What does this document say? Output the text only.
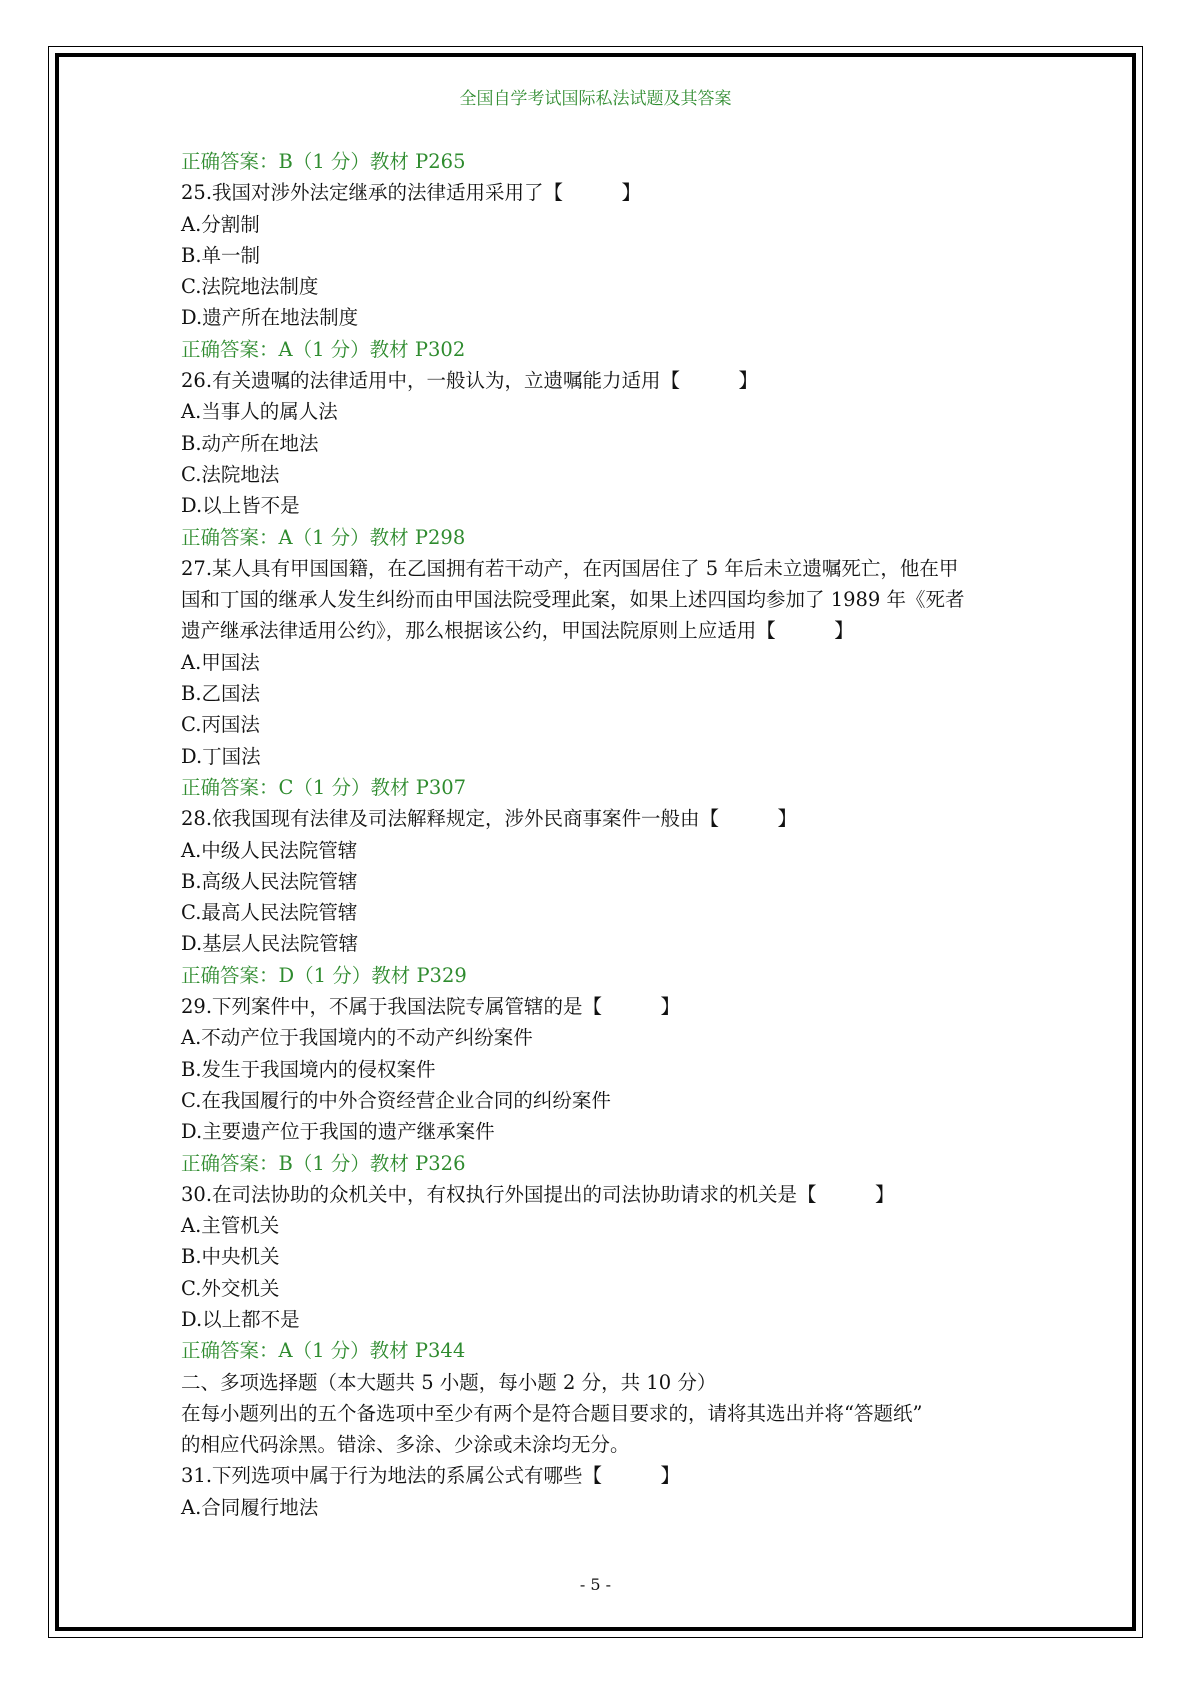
全国自学考试国际私法试题及其答案
正确答案：B（1 分）教材 P265
25.我国对涉外法定继承的法律适用采用了【　　　】
A.分割制
B.单一制
C.法院地法制度
D.遗产所在地法制度
正确答案：A（1 分）教材 P302
26.有关遗嘱的法律适用中，一般认为，立遗嘱能力适用【　　　】
A.当事人的属人法
B.动产所在地法
C.法院地法
D.以上皆不是
正确答案：A（1 分）教材 P298
27.某人具有甲国国籍，在乙国拥有若干动产，在丙国居住了 5 年后未立遗嘱死亡，他在甲
国和丁国的继承人发生纠纷而由甲国法院受理此案，如果上述四国均参加了 1989 年《死者
遗产继承法律适用公约》，那么根据该公约，甲国法院原则上应适用【　　　】
A.甲国法
B.乙国法
C.丙国法
D.丁国法
正确答案：C（1 分）教材 P307
28.依我国现有法律及司法解释规定，涉外民商事案件一般由【　　　】
A.中级人民法院管辖
B.高级人民法院管辖
C.最高人民法院管辖
D.基层人民法院管辖
正确答案：D（1 分）教材 P329
29.下列案件中，不属于我国法院专属管辖的是【　　　】
A.不动产位于我国境内的不动产纠纷案件
B.发生于我国境内的侵权案件
C.在我国履行的中外合资经营企业合同的纠纷案件
D.主要遗产位于我国的遗产继承案件
正确答案：B（1 分）教材 P326
30.在司法协助的众机关中，有权执行外国提出的司法协助请求的机关是【　　　】
A.主管机关
B.中央机关
C.外交机关
D.以上都不是
正确答案：A（1 分）教材 P344
二、多项选择题（本大题共 5 小题，每小题 2 分，共 10 分）
在每小题列出的五个备选项中至少有两个是符合题目要求的，请将其选出并将“答题纸”
的相应代码涂黑。错涂、多涂、少涂或未涂均无分。
31.下列选项中属于行为地法的系属公式有哪些【　　　】
A.合同履行地法
- 5 -
